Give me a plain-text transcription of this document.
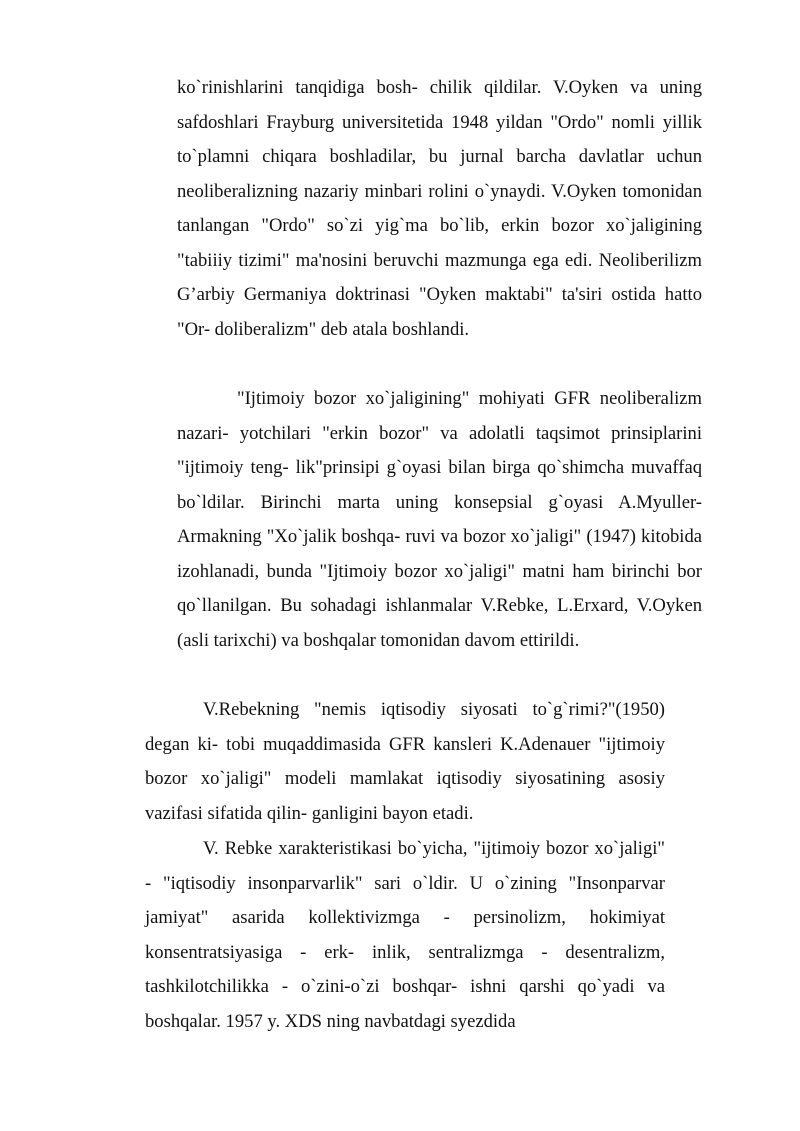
ko`rinishlarini tanqidiga bosh- chilik qildilar. V.Oyken va uning safdoshlari Frayburg universitetida 1948 yildan "Ordo" nomli yillik to`plamni chiqara boshladilar, bu jurnal barcha davlatlar uchun neoliberalizning nazariy minbari rolini o`ynaydi. V.Oyken tomonidan tanlangan "Ordo" so`zi yig`ma bo`lib, erkin bozor xo`jaligining "tabiiiy tizimi" ma'nosini beruvchi mazmunga ega edi. Neoliberilizm G’arbiy Germaniya doktrinasi "Oyken maktabi" ta'siri ostida hatto "Or- doliberalizm" deb atala boshlandi.

"Ijtimoiy bozor xo`jaligining" mohiyati GFR neoliberalizm nazari- yotchilari "erkin bozor" va adolatli taqsimot prinsiplarini "ijtimoiy teng- lik"prinsipi g`oyasi bilan birga qo`shimcha muvaffaq bo`ldilar. Birinchi marta uning konsepsial g`oyasi A.Myuller-Armakning "Xo`jalik boshqa- ruvi va bozor xo`jaligi" (1947) kitobida izohlanadi, bunda "Ijtimoiy bozor xo`jaligi" matni ham birinchi bor qo`llanilgan. Bu sohadagi ishlanmalar V.Rebke, L.Erxard, V.Oyken (asli tarixchi) va boshqalar tomonidan davom ettirildi.

V.Rebekning "nemis iqtisodiy siyosati to`g`rimi?"(1950) degan ki- tobi muqaddimasida GFR kansleri K.Adenauer "ijtimoiy bozor xo`jaligi" modeli mamlakat iqtisodiy siyosatining asosiy vazifasi sifatida qilin- ganligini bayon etadi.

V. Rebke xarakteristikasi bo`yicha, "ijtimoiy bozor xo`jaligi" - "iqtisodiy insonparvarlik" sari o`ldir. U o`zining "Insonparvar jamiyat" asarida kollektivizmga - persinolizm, hokimiyat konsentratsiyasiga - erk- inlik, sentralizmga - desentralizm, tashkilotchilikka - o`zini-o`zi boshqar- ishni qarshi qo`yadi va boshqalar. 1957 y. XDS ning navbatdagi syezdida
